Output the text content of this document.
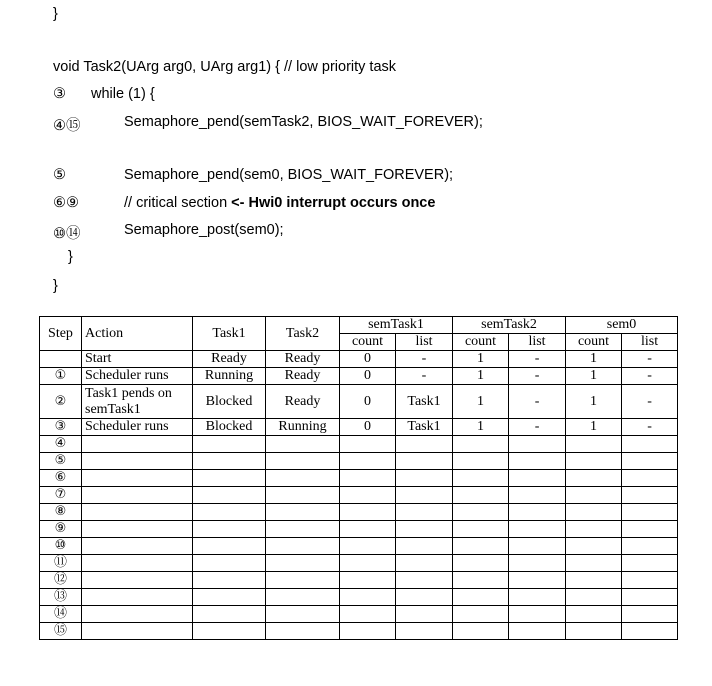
}
void Task2(UArg arg0, UArg arg1) { // low priority task
③ while (1) {
④⑮	Semaphore_pend(semTask2, BIOS_WAIT_FOREVER);
⑤	Semaphore_pend(sem0, BIOS_WAIT_FOREVER);
⑥⑨	// critical section <- Hwi0 interrupt occurs once
⑩⑭	Semaphore_post(sem0);
}
}
Step	Action	Task1	Task2	semTask1		semTask2		sem0	
				count	list	count	list	count	list
	Start	Ready	Ready	0	-	1	-	1	-
①	Scheduler runs	Running	Ready	0	-	1	-	1	-
②	Task1 pends on semTask1	Blocked	Ready	0	Task1	1	-	1	-
③	Scheduler runs	Blocked	Running	0	Task1	1	-	1	-
④									
⑤									
⑥									
⑦									
⑧									
⑨									
⑩									
⑪									
⑫									
⑬									
⑭									
⑮									
